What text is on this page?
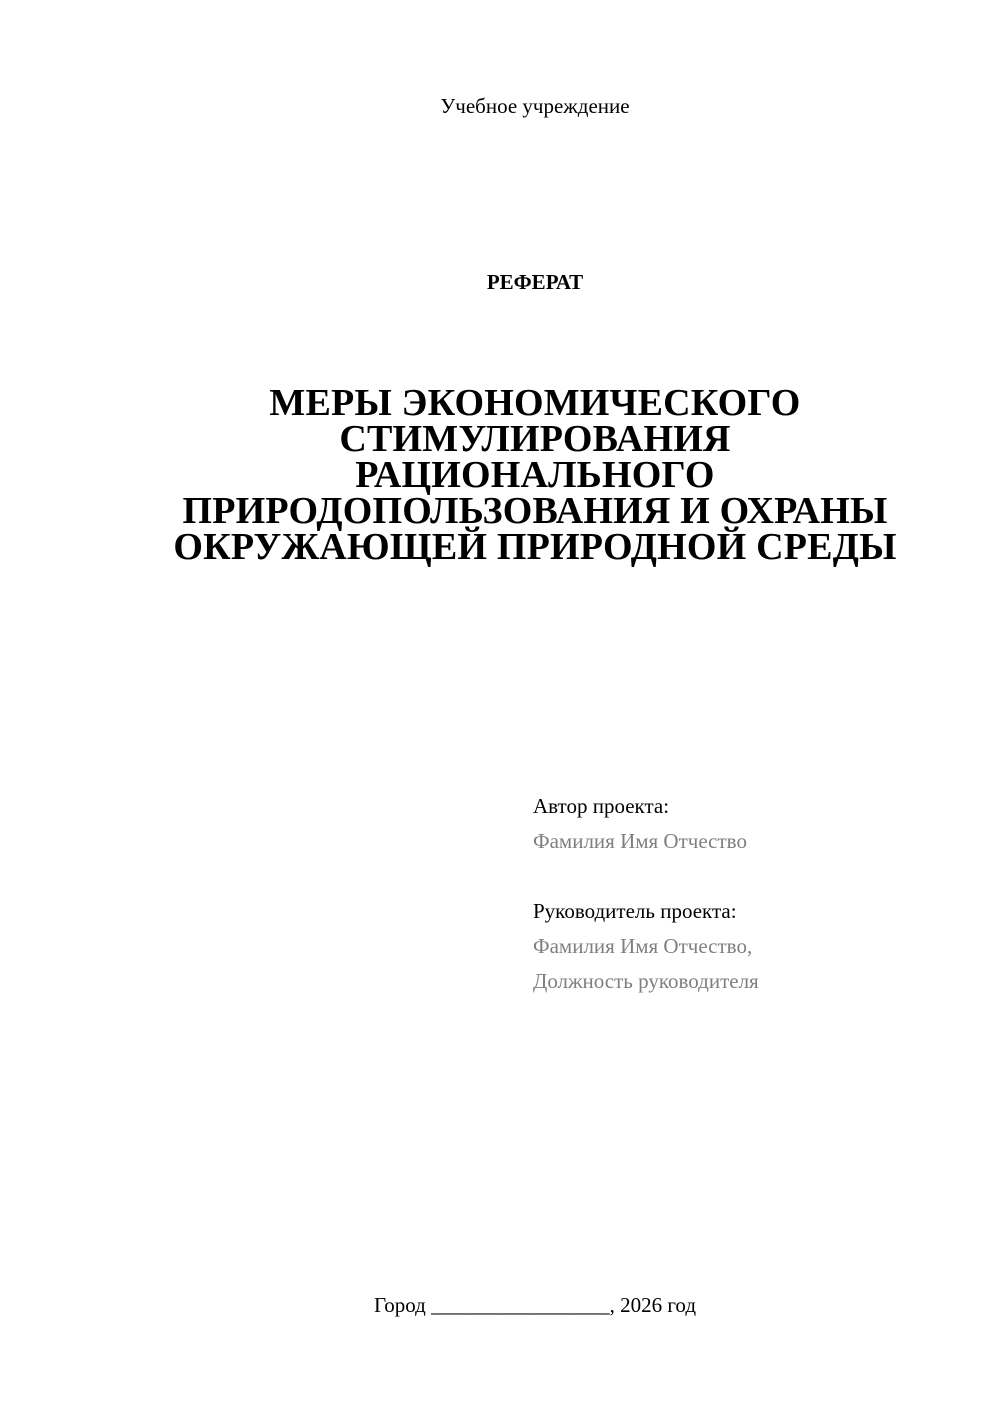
Учебное учреждение
РЕФЕРАТ
МЕРЫ ЭКОНОМИЧЕСКОГО
СТИМУЛИРОВАНИЯ
РАЦИОНАЛЬНОГО
ПРИРОДОПОЛЬЗОВАНИЯ И ОХРАНЫ
ОКРУЖАЮЩЕЙ ПРИРОДНОЙ СРЕДЫ
Автор проекта:
Фамилия Имя Отчество
Руководитель проекта:
Фамилия Имя Отчество,
Должность руководителя
Город _________________, 2026 год
